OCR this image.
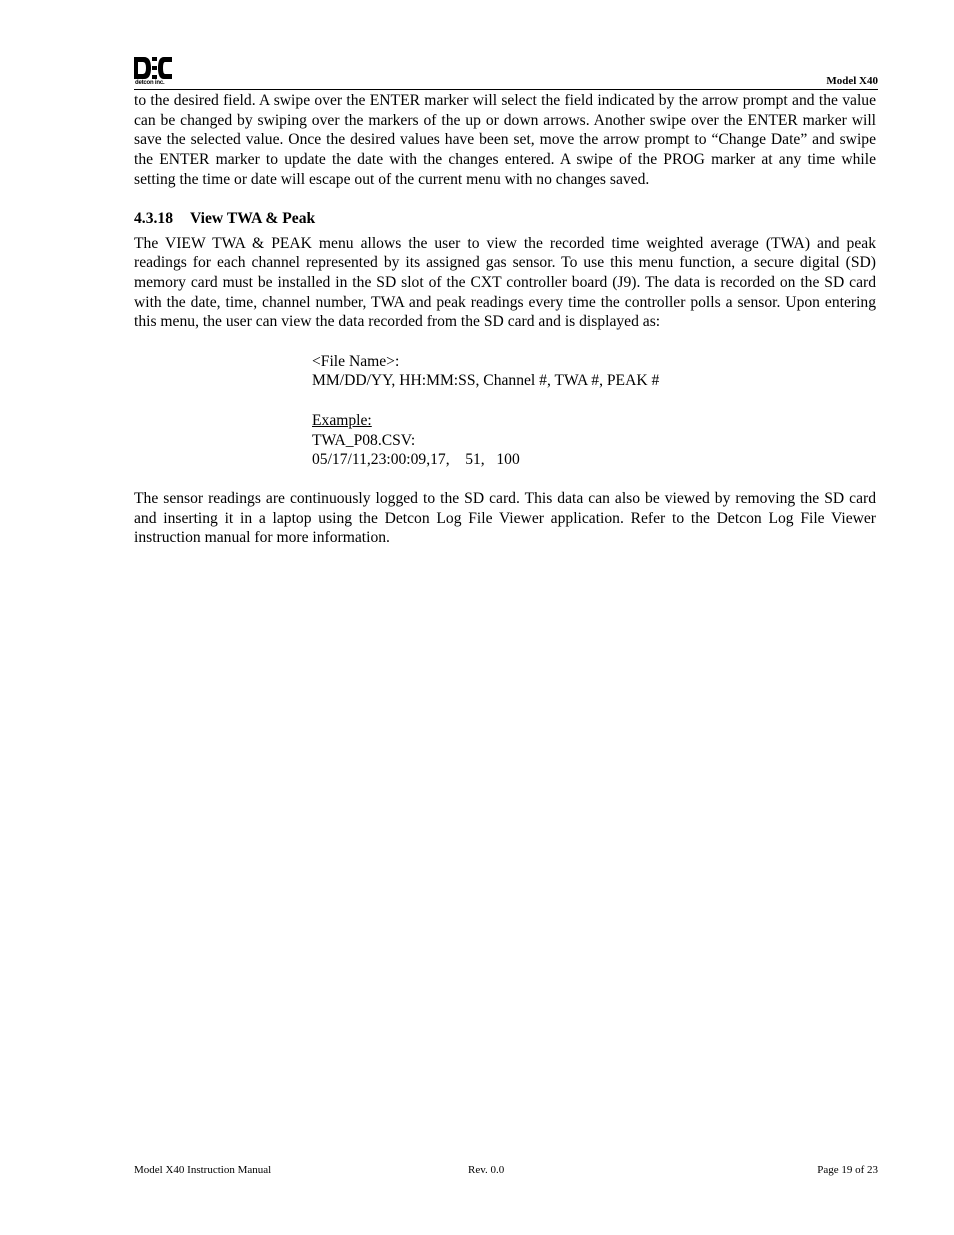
detcon inc.	Model X40

to the desired field. A swipe over the ENTER marker will select the field indicated by the arrow prompt and the value can be changed by swiping over the markers of the up or down arrows. Another swipe over the ENTER marker will save the selected value. Once the desired values have been set, move the arrow prompt to “Change Date” and swipe the ENTER marker to update the date with the changes entered. A swipe of the PROG marker at any time while setting the time or date will escape out of the current menu with no changes saved.

4.3.18 View TWA & Peak

The VIEW TWA & PEAK menu allows the user to view the recorded time weighted average (TWA) and peak readings for each channel represented by its assigned gas sensor. To use this menu function, a secure digital (SD) memory card must be installed in the SD slot of the CXT controller board (J9). The data is recorded on the SD card with the date, time, channel number, TWA and peak readings every time the controller polls a sensor. Upon entering this menu, the user can view the data recorded from the SD card and is displayed as:

<File Name>:
MM/DD/YY, HH:MM:SS, Channel #, TWA #, PEAK #
Example:
TWA_P08.CSV:
05/17/11,23:00:09,17,    51,   100

The sensor readings are continuously logged to the SD card. This data can also be viewed by removing the SD card and inserting it in a laptop using the Detcon Log File Viewer application. Refer to the Detcon Log File Viewer instruction manual for more information.

Model X40 Instruction Manual	Rev. 0.0	Page 19 of 23
